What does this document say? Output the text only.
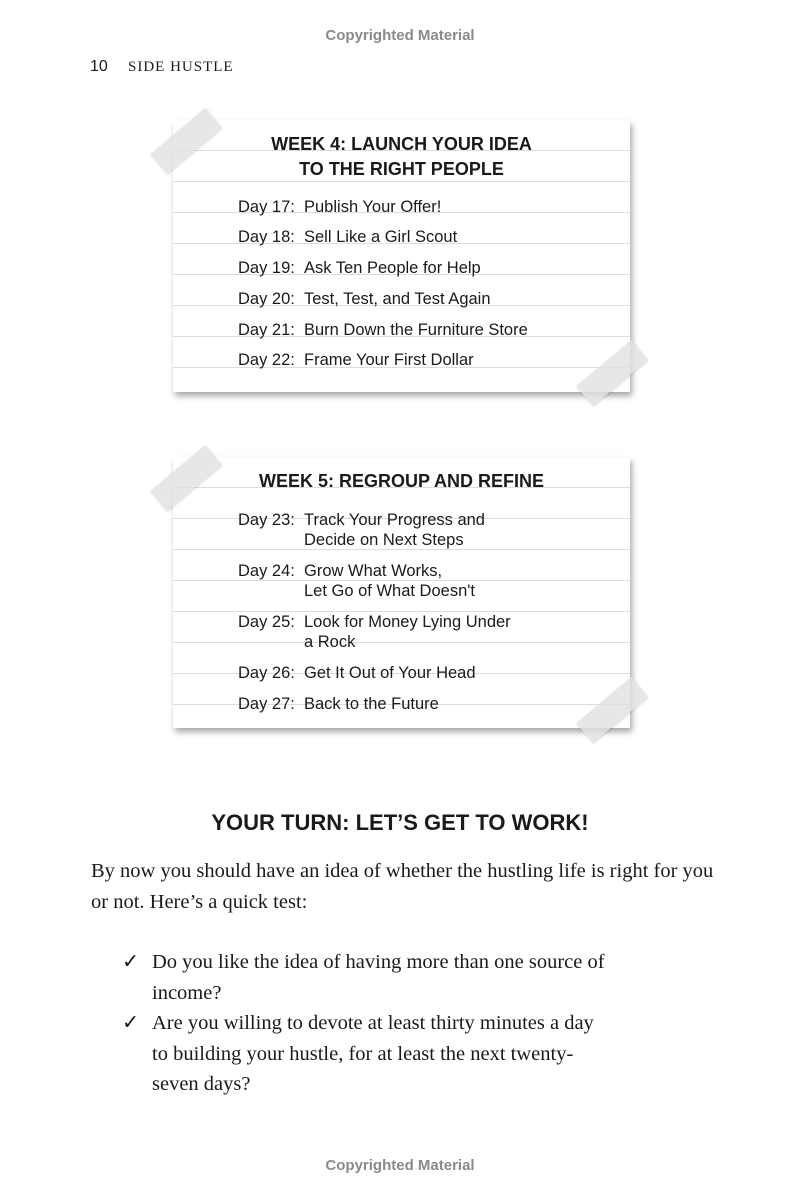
Copyrighted Material
10 SIDE HUSTLE
WEEK 4: LAUNCH YOUR IDEA
TO THE RIGHT PEOPLE
Day 17: Publish Your Offer!
Day 18: Sell Like a Girl Scout
Day 19: Ask Ten People for Help
Day 20: Test, Test, and Test Again
Day 21: Burn Down the Furniture Store
Day 22: Frame Your First Dollar
WEEK 5: REGROUP AND REFINE
Day 23: Track Your Progress and
Decide on Next Steps
Day 24: Grow What Works,
Let Go of What Doesn't
Day 25: Look for Money Lying Under
a Rock
Day 26: Get It Out of Your Head
Day 27: Back to the Future
YOUR TURN: LET’S GET TO WORK!
By now you should have an idea of whether the hustling life is right for you or not. Here’s a quick test:
✓ Do you like the idea of having more than one source of income?
✓ Are you willing to devote at least thirty minutes a day to building your hustle, for at least the next twenty-seven days?
Copyrighted Material
